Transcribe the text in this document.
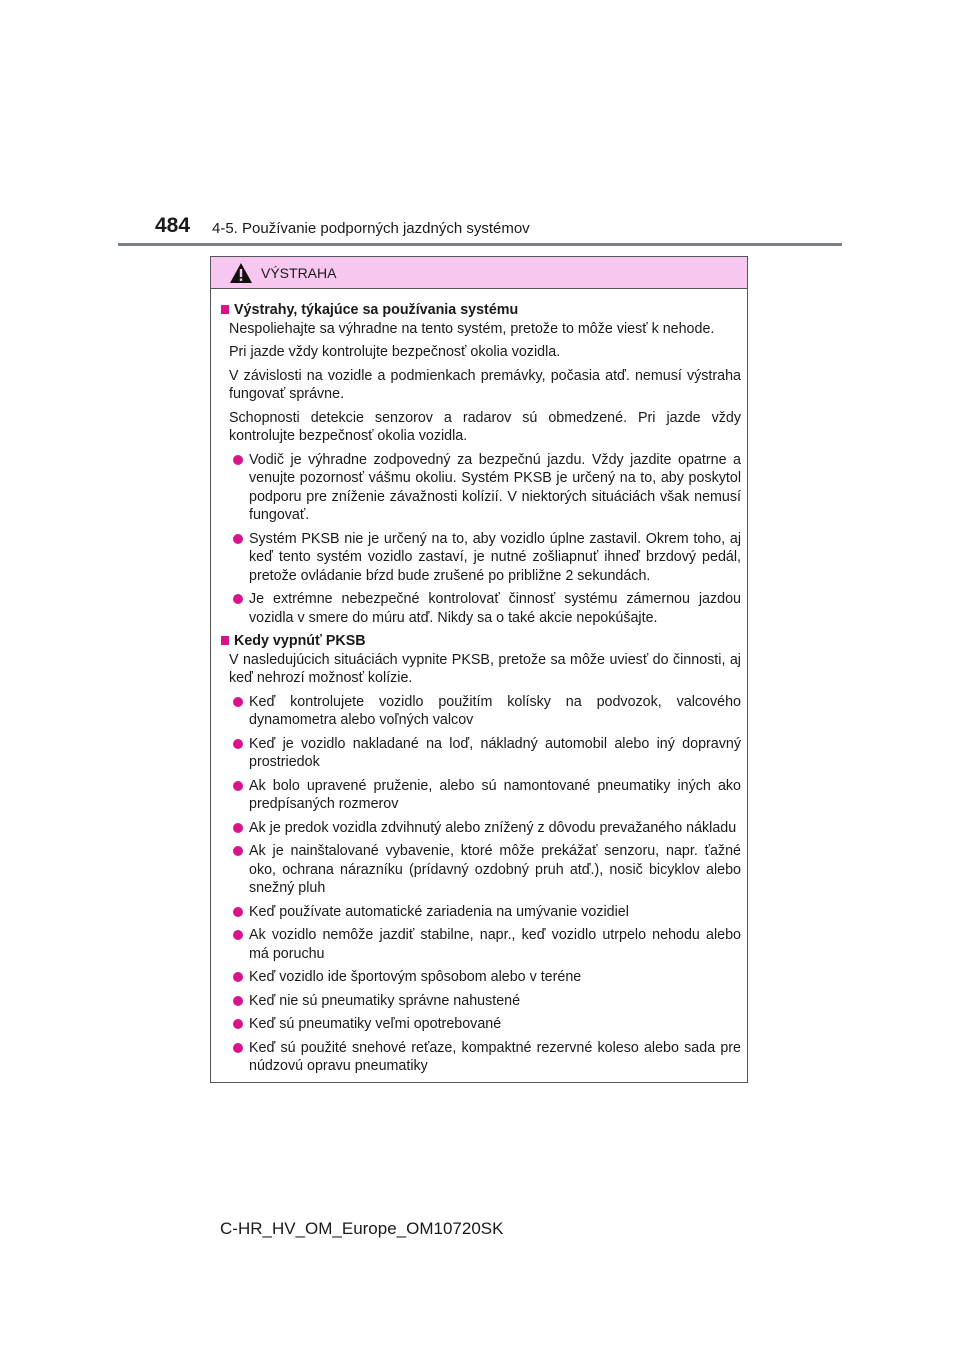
484 4-5. Používanie podporných jazdných systémov
VÝSTRAHA
Výstrahy, týkajúce sa používania systému

Nespoliehajte sa výhradne na tento systém, pretože to môže viesť k nehode.

Pri jazde vždy kontrolujte bezpečnosť okolia vozidla.

V závislosti na vozidle a podmienkach premávky, počasia atď. nemusí výstraha fungovať správne.

Schopnosti detekcie senzorov a radarov sú obmedzené. Pri jazde vždy kontrolujte bezpečnosť okolia vozidla.

Vodič je výhradne zodpovedný za bezpečnú jazdu. Vždy jazdite opatrne a venujte pozornosť vášmu okoliu. Systém PKSB je určený na to, aby poskytol podporu pre zníženie závažnosti kolízií. V niektorých situáciách však nemusí fungovať.
Systém PKSB nie je určený na to, aby vozidlo úplne zastavil. Okrem toho, aj keď tento systém vozidlo zastaví, je nutné zošliapnuť ihneď brzdový pedál, pretože ovládanie bŕzd bude zrušené po približne 2 sekundách.
Je extrémne nebezpečné kontrolovať činnosť systému zámernou jazdou vozidla v smere do múru atď. Nikdy sa o také akcie nepokúšajte.
Kedy vypnúť PKSB

V nasledujúcich situáciách vypnite PKSB, pretože sa môže uviesť do činnosti, aj keď nehrozí možnosť kolízie.

Keď kontrolujete vozidlo použitím kolísky na podvozok, valcového dynamometra alebo voľných valcov
Keď je vozidlo nakladané na loď, nákladný automobil alebo iný dopravný prostriedok
Ak bolo upravené pruženie, alebo sú namontované pneumatiky iných ako predpísaných rozmerov
Ak je predok vozidla zdvihnutý alebo znížený z dôvodu prevažaného nákladu
Ak je nainštalované vybavenie, ktoré môže prekážať senzoru, napr. ťažné oko, ochrana nárazníku (prídavný ozdobný pruh atď.), nosič bicyklov alebo snežný pluh
Keď používate automatické zariadenia na umývanie vozidiel
Ak vozidlo nemôže jazdiť stabilne, napr., keď vozidlo utrpelo nehodu alebo má poruchu
Keď vozidlo ide športovým spôsobom alebo v teréne
Keď nie sú pneumatiky správne nahustené
Keď sú pneumatiky veľmi opotrebované
Keď sú použité snehové reťaze, kompaktné rezervné koleso alebo sada pre núdzovú opravu pneumatiky
C-HR_HV_OM_Europe_OM10720SK
